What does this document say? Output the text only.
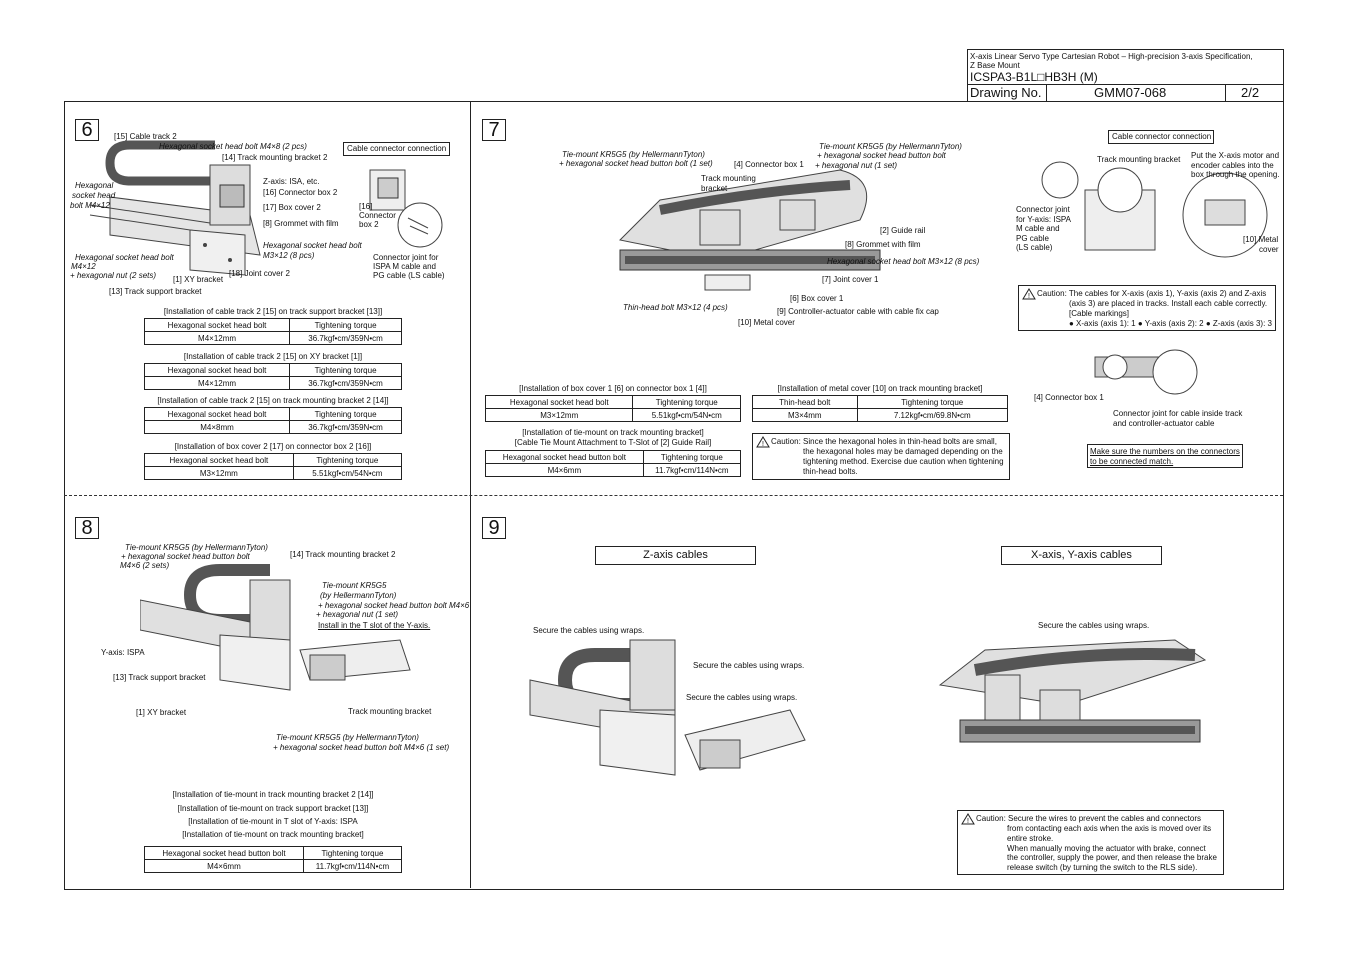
X-axis Linear Servo Type Cartesian Robot – High-precision 3-axis Specification,
Z Base Mount
ICSPA3-B1L□HB3H (M)
Drawing No.	GMM07-068	2/2
6	[15] Cable track 2
Hexagonal socket head bolt M4×8 (2 pcs)
[14] Track mounting bracket 2
Hexagonal
socket head
bolt M4×12
Z-axis: ISA, etc.
[16] Connector box 2
[17] Box cover 2
[8] Grommet with film
Hexagonal socket head bolt
M3×12 (8 pcs)
Hexagonal socket head bolt
M4×12
+ hexagonal nut (2 sets) [1] XY bracket
[18] Joint cover 2
[13] Track support bracket
Cable connector connection
[16]
Connector
box 2
Connector joint for
ISPA M cable and
PG cable (LS cable)
[Installation of cable track 2 [15] on track support bracket [13]]
Hexagonal socket head bolt	Tightening torque
M4×12mm	36.7kgf•cm/359N•cm
[Installation of cable track 2 [15] on XY bracket [1]]
Hexagonal socket head bolt	Tightening torque
M4×12mm	36.7kgf•cm/359N•cm
[Installation of cable track 2 [15] on track mounting bracket 2 [14]]
Hexagonal socket head bolt	Tightening torque
M4×8mm	36.7kgf•cm/359N•cm
[Installation of box cover 2 [17] on connector box 2 [16]]
Hexagonal socket head bolt	Tightening torque
M3×12mm	5.51kgf•cm/54N•cm
7
Tie-mount KR5G5 (by HellermannTyton)
+ hexagonal socket head button bolt (1 set)	[4] Connector box 1
Tie-mount KR5G5 (by HellermannTyton)
+ hexagonal socket head button bolt
+ hexagonal nut (1 set)
Track mounting
bracket
[2] Guide rail
[8] Grommet with film
Hexagonal socket head bolt M3×12 (8 pcs)
[7] Joint cover 1
[6] Box cover 1
[9] Controller-actuator cable with cable fix cap
Thin-head bolt M3×12 (4 pcs)
[10] Metal cover
Cable connector connection
Track mounting bracket Put the X-axis motor and
encoder cables into the
box through the opening.
Connector joint
for Y-axis: ISPA
M cable and
PG cable
(LS cable)
[10] Metal
cover
! Caution: The cables for X-axis (axis 1), Y-axis (axis 2) and Z-axis
(axis 3) are placed in tracks. Install each cable correctly.
[Cable markings]
● X-axis (axis 1): 1 ● Y-axis (axis 2): 2 ● Z-axis (axis 3): 3
[4] Connector box 1
Connector joint for cable inside track
and controller-actuator cable
Make sure the numbers on the connectors
to be connected match.
[Installation of box cover 1 [6] on connector box 1 [4]]
Hexagonal socket head bolt	Tightening torque
M3×12mm	5.51kgf•cm/54N•cm
[Installation of metal cover [10] on track mounting bracket]
Thin-head bolt	Tightening torque
M3×4mm	7.12kgf•cm/69.8N•cm
[Installation of tie-mount on track mounting bracket]
[Cable Tie Mount Attachment to T-Slot of [2] Guide Rail]
Hexagonal socket head button bolt	Tightening torque
M4×6mm	11.7kgf•cm/114N•cm
! Caution: Since the hexagonal holes in thin-head bolts are small,
the hexagonal holes may be damaged depending on the
tightening method. Exercise due caution when tightening
thin-head bolts.
8
Tie-mount KR5G5 (by HellermannTyton)
+ hexagonal socket head button bolt
M4×6 (2 sets)
[14] Track mounting bracket 2
Tie-mount KR5G5
(by HellermannTyton)
+ hexagonal socket head button bolt M4×6
+ hexagonal nut (1 set)
Install in the T slot of the Y-axis.
Y-axis: ISPA
[13] Track support bracket
[1] XY bracket	Track mounting bracket
Tie-mount KR5G5 (by HellermannTyton)
+ hexagonal socket head button bolt M4×6 (1 set)
[Installation of tie-mount in track mounting bracket 2 [14]]
[Installation of tie-mount on track support bracket [13]]
[Installation of tie-mount in T slot of Y-axis: ISPA
[Installation of tie-mount on track mounting bracket]
Hexagonal socket head button bolt	Tightening torque
M4×6mm	11.7kgf•cm/114N•cm
9
Z-axis cables	X-axis, Y-axis cables
Secure the cables using wraps.
Secure the cables using wraps.
Secure the cables using wraps.
Secure the cables using wraps.
! Caution: Secure the wires to prevent the cables and connectors
from contacting each axis when the axis is moved over its
entire stroke.
When manually moving the actuator with brake, connect
the controller, supply the power, and then release the brake
release switch (by turning the switch to the RLS side).
